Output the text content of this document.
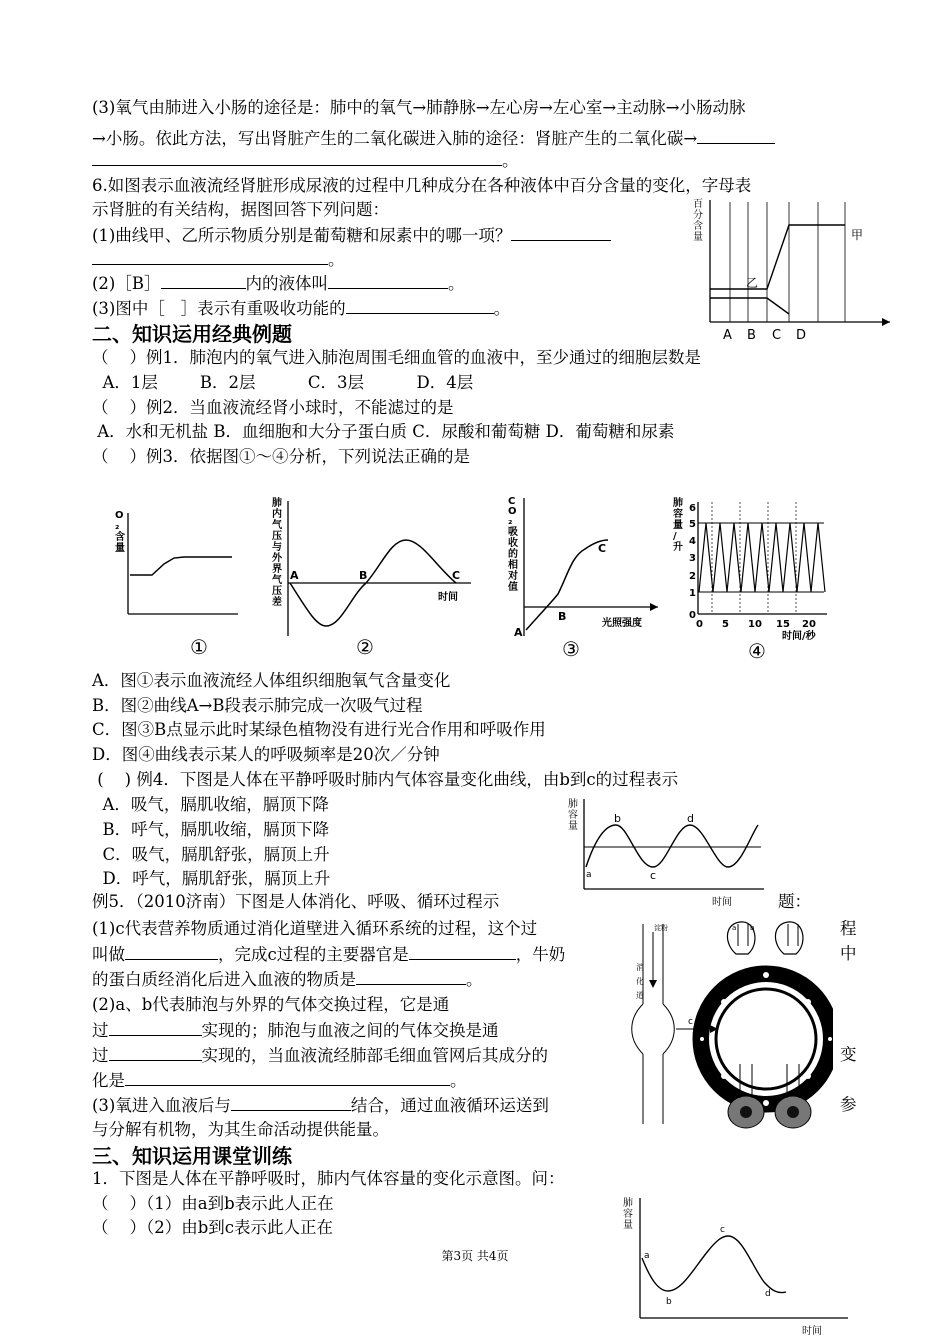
(3)氧气由肺进入小肠的途径是：肺中的氧气→肺静脉→左心房→左心室→主动脉→小肠动脉
→小肠。依此方法，写出肾脏产生的二氧化碳进入肺的途径：肾脏产生的二氧化碳→
。
6.如图表示血液流经肾脏形成尿液的过程中几种成分在各种液体中百分含量的变化，字母表
示肾脏的有关结构，据图回答下列问题：
(1)曲线甲、乙所示物质分别是葡萄糖和尿素中的哪一项？
。
(2)［B］	内的液体叫	。
(3)图中［   ］表示有重吸收功能的	。
百分含量	甲
乙
A B C D
二、知识运用经典例题
（    ）例1．肺泡内的氧气进入肺泡周围毛细血管的血液中，至少通过的细胞层数是
A．1层        B．2层          C．3层          D．4层
（    ）例2．当血液流经肾小球时，不能滤过的是
A．水和无机盐 B．血细胞和大分子蛋白质 C．尿酸和葡萄糖 D．葡萄糖和尿素
（    ）例3．依据图①～④分析，下列说法正确的是
O ₂ 含量
①
肺内气压与外界气压差
A	B	C
时间
②
C O ₂ 吸收的相对值
A
B
C
光照强度
③
肺容量/升
6
5
4
3
2
1
0
0 5 10 15 20
时间/秒
④
A．图①表示血液流经人体组织细胞氧气含量变化
B．图②曲线A→B段表示肺完成一次吸气过程
C．图③B点显示此时某绿色植物没有进行光合作用和呼吸作用
D．图④曲线表示某人的呼吸频率是20次／分钟
(    ) 例4．下图是人体在平静呼吸时肺内气体容量变化曲线，由b到c的过程表示
A．吸气，膈肌收缩，膈顶下降
B．呼气，膈肌收缩，膈顶下降
C．吸气，膈肌舒张，膈顶上升
D．呼气，膈肌舒张，膈顶上升
肺容量
a
b
c
d
时间
例5．（2010济南）下图是人体消化、呼吸、循环过程示	题：
(1)c代表营养物质通过消化道壁进入循环系统的过程，这个过	程
叫做	，完成c过程的主要器官是	，牛奶	中
的蛋白质经消化后进入血液的物质是	。
(2)a、b代表肺泡与外界的气体交换过程，它是通
过	实现的；肺泡与血液之间的气体交换是通
过	实现的，当血液流经肺部毛细血管网后其成分的	变
化是	。
(3)氧进入血液后与	结合，通过血液循环运送到	参
与分解有机物，为其生命活动提供能量。
淀粉
消化道
c
a b
三、知识运用课堂训练
1．下图是人体在平静呼吸时，肺内气体容量的变化示意图。问：
（    ）（1）由a到b表示此人正在
（    ）（2）由b到c表示此人正在
肺容量
a
b
c
d
时间
第3页 共4页
